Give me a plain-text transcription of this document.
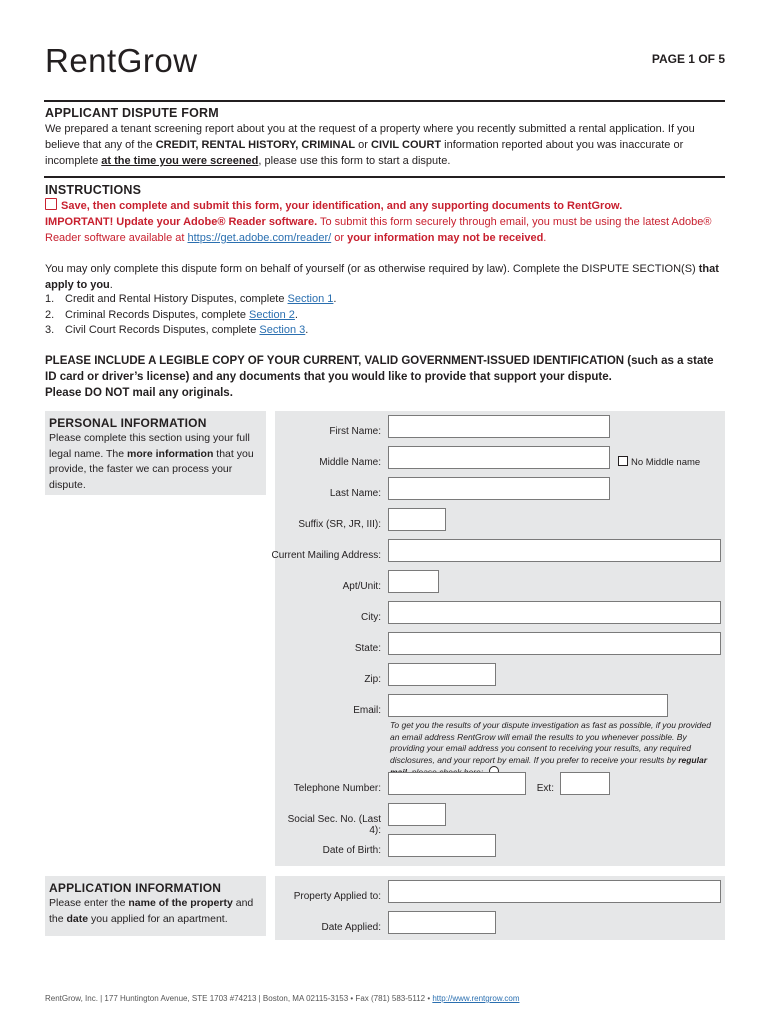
RentGrow	PAGE 1 OF 5
APPLICANT DISPUTE FORM
We prepared a tenant screening report about you at the request of a property where you recently submitted a rental application. If you believe that any of the CREDIT, RENTAL HISTORY, CRIMINAL or CIVIL COURT information reported about you was inaccurate or incomplete at the time you were screened, please use this form to start a dispute.
INSTRUCTIONS
Save, then complete and submit this form, your identification, and any supporting documents to RentGrow.
IMPORTANT! Update your Adobe® Reader software. To submit this form securely through email, you must be using the latest Adobe® Reader software available at https://get.adobe.com/reader/ or your information may not be received.
You may only complete this dispute form on behalf of yourself (or as otherwise required by law). Complete the DISPUTE SECTION(S) that apply to you.
1. Credit and Rental History Disputes, complete Section 1.
2. Criminal Records Disputes, complete Section 2.
3. Civil Court Records Disputes, complete Section 3.
PLEASE INCLUDE A LEGIBLE COPY OF YOUR CURRENT, VALID GOVERNMENT-ISSUED IDENTIFICATION (such as a state ID card or driver’s license) and any documents that you would like to provide that support your dispute.
Please DO NOT mail any originals.
PERSONAL INFORMATION
Please complete this section using your full legal name. The more information that you provide, the faster we can process your dispute.
First Name:
Middle Name:	No Middle name
Last Name:
Suffix (SR, JR, III):
Current Mailing Address:
Apt/Unit:
City:
State:
Zip:
Email:
To get you the results of your dispute investigation as fast as possible, if you provided an email address RentGrow will email the results to you whenever possible. By providing your email address you consent to receiving your results, any required disclosures, and your report by email. If you prefer to receive your results by regular
Telephone Number:	Ext:
Social Sec. No. (Last 4):
Date of Birth:
APPLICATION INFORMATION
Please enter the name of the property and the date you applied for an apartment.
Property Applied to:
Date Applied:
RentGrow, Inc. | 177 Huntington Avenue, STE 1703 #74213 | Boston, MA 02115-3153 • Fax (781) 583-5112 • http://www.rentgrow.com
